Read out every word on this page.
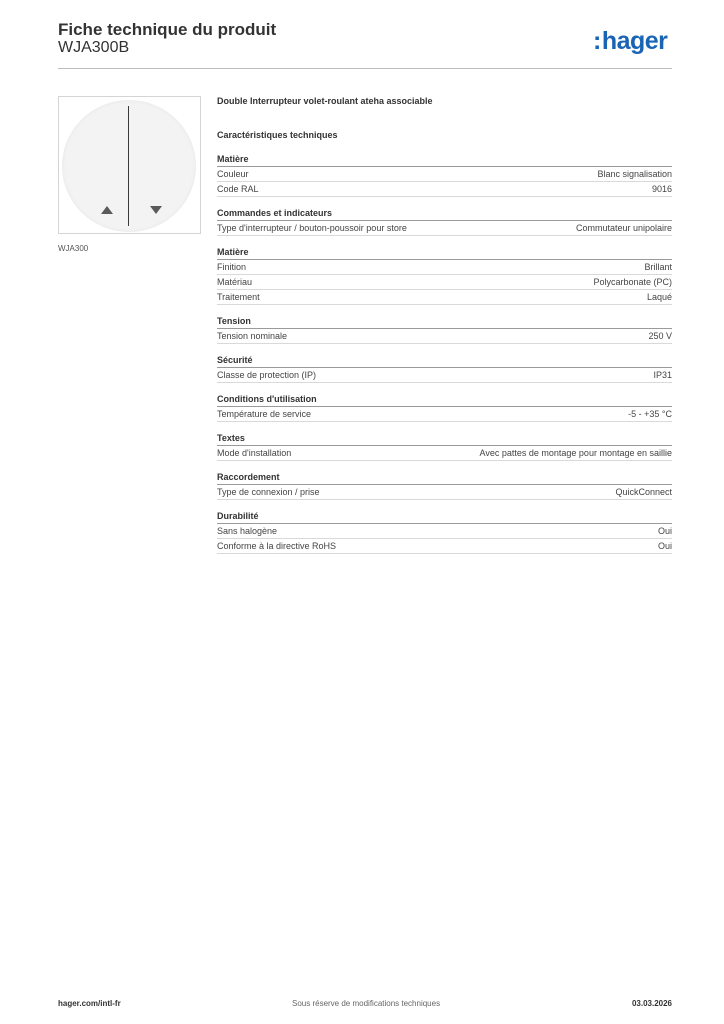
Fiche technique du produit
WJA300B	:hager
WJA300
Double Interrupteur volet-roulant ateha associable
Caractéristiques techniques
Matière
Couleur	Blanc signalisation
Code RAL	9016
Commandes et indicateurs
Type d'interrupteur / bouton-poussoir pour store	Commutateur unipolaire
Matière
Finition	Brillant
Matériau	Polycarbonate (PC)
Traitement	Laqué
Tension
Tension nominale	250 V
Sécurité
Classe de protection (IP)	IP31
Conditions d'utilisation
Température de service	-5 - +35 °C
Textes
Mode d'installation	Avec pattes de montage pour montage en saillie
Raccordement
Type de connexion / prise	QuickConnect
Durabilité
Sans halogène	Oui
Conforme à la directive RoHS	Oui
hager.com/intl-fr	Sous réserve de modifications techniques	03.03.2026
